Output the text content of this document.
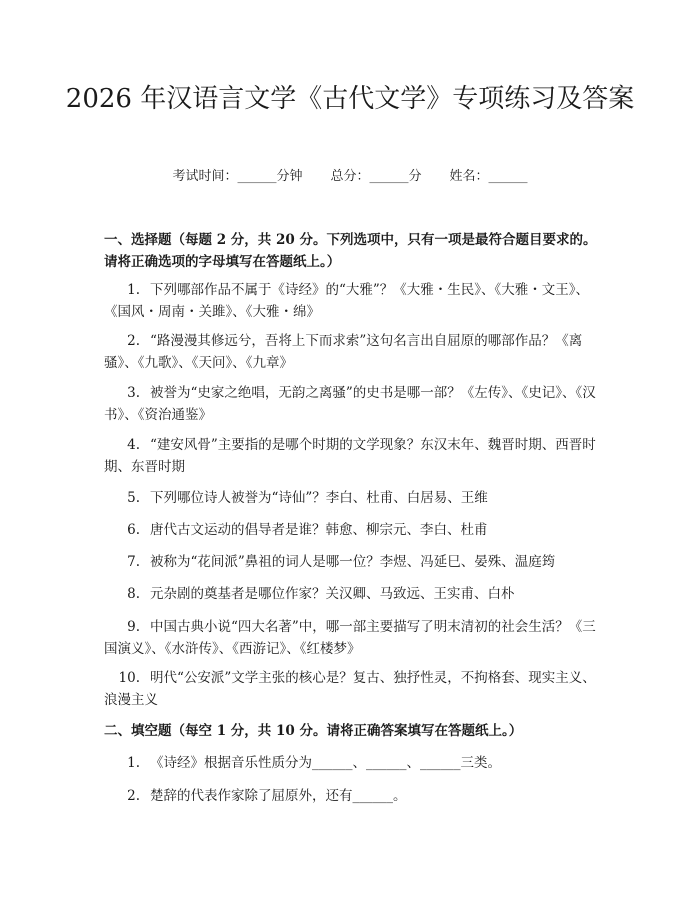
2026 年汉语言文学《古代文学》专项练习及答案
考试时间：______分钟 总分：______分 姓名：______

一、选择题（每题 2 分，共 20 分。下列选项中，只有一项是最符合题目要求的。请将正确选项的字母填写在答题纸上。）

1. 下列哪部作品不属于《诗经》的“大雅”？《大雅・生民》、《大雅・文王》、《国风・周南・关雎》、《大雅・绵》

2. “路漫漫其修远兮，吾将上下而求索”这句名言出自屈原的哪部作品？《离骚》、《九歌》、《天问》、《九章》

3. 被誉为“史家之绝唱，无韵之离骚”的史书是哪一部？《左传》、《史记》、《汉书》、《资治通鉴》

4. “建安风骨”主要指的是哪个时期的文学现象？东汉末年、魏晋时期、西晋时期、东晋时期

5. 下列哪位诗人被誉为“诗仙”？李白、杜甫、白居易、王维

6. 唐代古文运动的倡导者是谁？韩愈、柳宗元、李白、杜甫

7. 被称为“花间派”鼻祖的词人是哪一位？李煜、冯延巳、晏殊、温庭筠

8. 元杂剧的奠基者是哪位作家？关汉卿、马致远、王实甫、白朴

9. 中国古典小说“四大名著”中，哪一部主要描写了明末清初的社会生活？《三国演义》、《水浒传》、《西游记》、《红楼梦》

10. 明代“公安派”文学主张的核心是？复古、独抒性灵，不拘格套、现实主义、浪漫主义

二、填空题（每空 1 分，共 10 分。请将正确答案填写在答题纸上。）

1. 《诗经》根据音乐性质分为______、______、______三类。

2. 楚辞的代表作家除了屈原外，还有______。
